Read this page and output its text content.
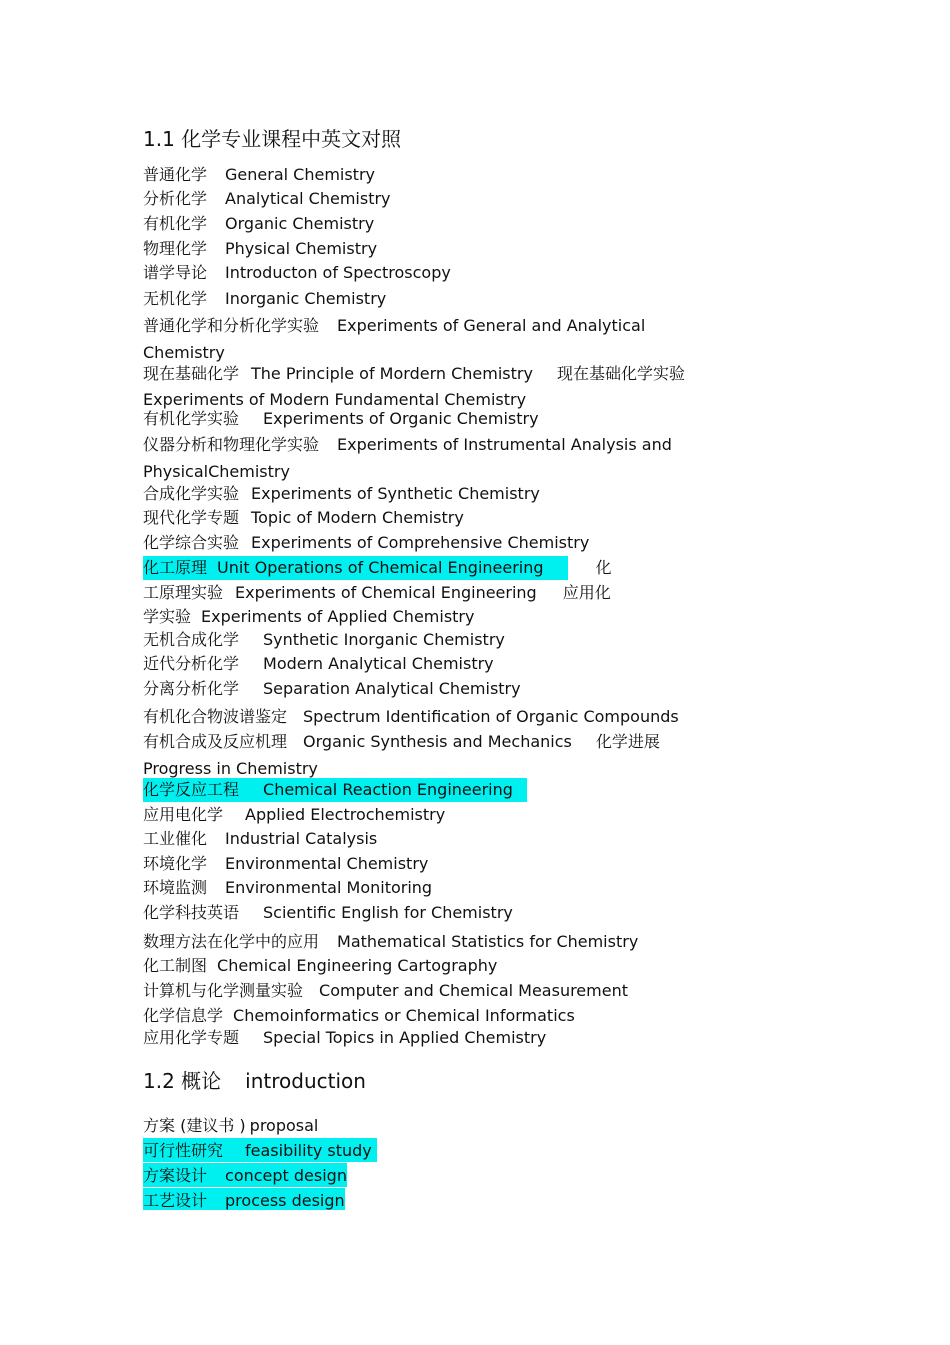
1.1 化学专业课程中英文对照
普通化学 General Chemistry
分析化学 Analytical Chemistry
有机化学 Organic Chemistry
物理化学 Physical Chemistry
谱学导论 Introducton of Spectroscopy
无机化学 Inorganic Chemistry
普通化学和分析化学实验 Experiments of General and Analytical
Chemistry
现在基础化学 The Principle of Mordern Chemistry 现在基础化学实验
Experiments of Modern Fundamental Chemistry
有机化学实验 Experiments of Organic Chemistry
仪器分析和物理化学实验 Experiments of Instrumental Analysis and
PhysicalChemistry
合成化学实验 Experiments of Synthetic Chemistry
现代化学专题 Topic of Modern Chemistry
化学综合实验 Experiments of Comprehensive Chemistry
化工原理 Unit Operations of Chemical Engineering	化
工原理实验 Experiments of Chemical Engineering 应用化
学实验 Experiments of Applied Chemistry
无机合成化学 Synthetic Inorganic Chemistry
近代分析化学 Modern Analytical Chemistry
分离分析化学 Separation Analytical Chemistry
有机化合物波谱鉴定 Spectrum Identification of Organic Compounds
有机合成及反应机理 Organic Synthesis and Mechanics 化学进展
Progress in Chemistry
化学反应工程 Chemical Reaction Engineering
应用电化学 Applied Electrochemistry
工业催化 Industrial Catalysis
环境化学 Environmental Chemistry
环境监测 Environmental Monitoring
化学科技英语 Scientific English for Chemistry
数理方法在化学中的应用 Mathematical Statistics for Chemistry
化工制图 Chemical Engineering Cartography
计算机与化学测量实验 Computer and Chemical Measurement
化学信息学 Chemoinformatics or Chemical Informatics
应用化学专题 Special Topics in Applied Chemistry
1.2 概论 introduction
方案 (建议书 ) proposal
可行性研究 feasibility study
方案设计 concept design
工艺设计 process design
